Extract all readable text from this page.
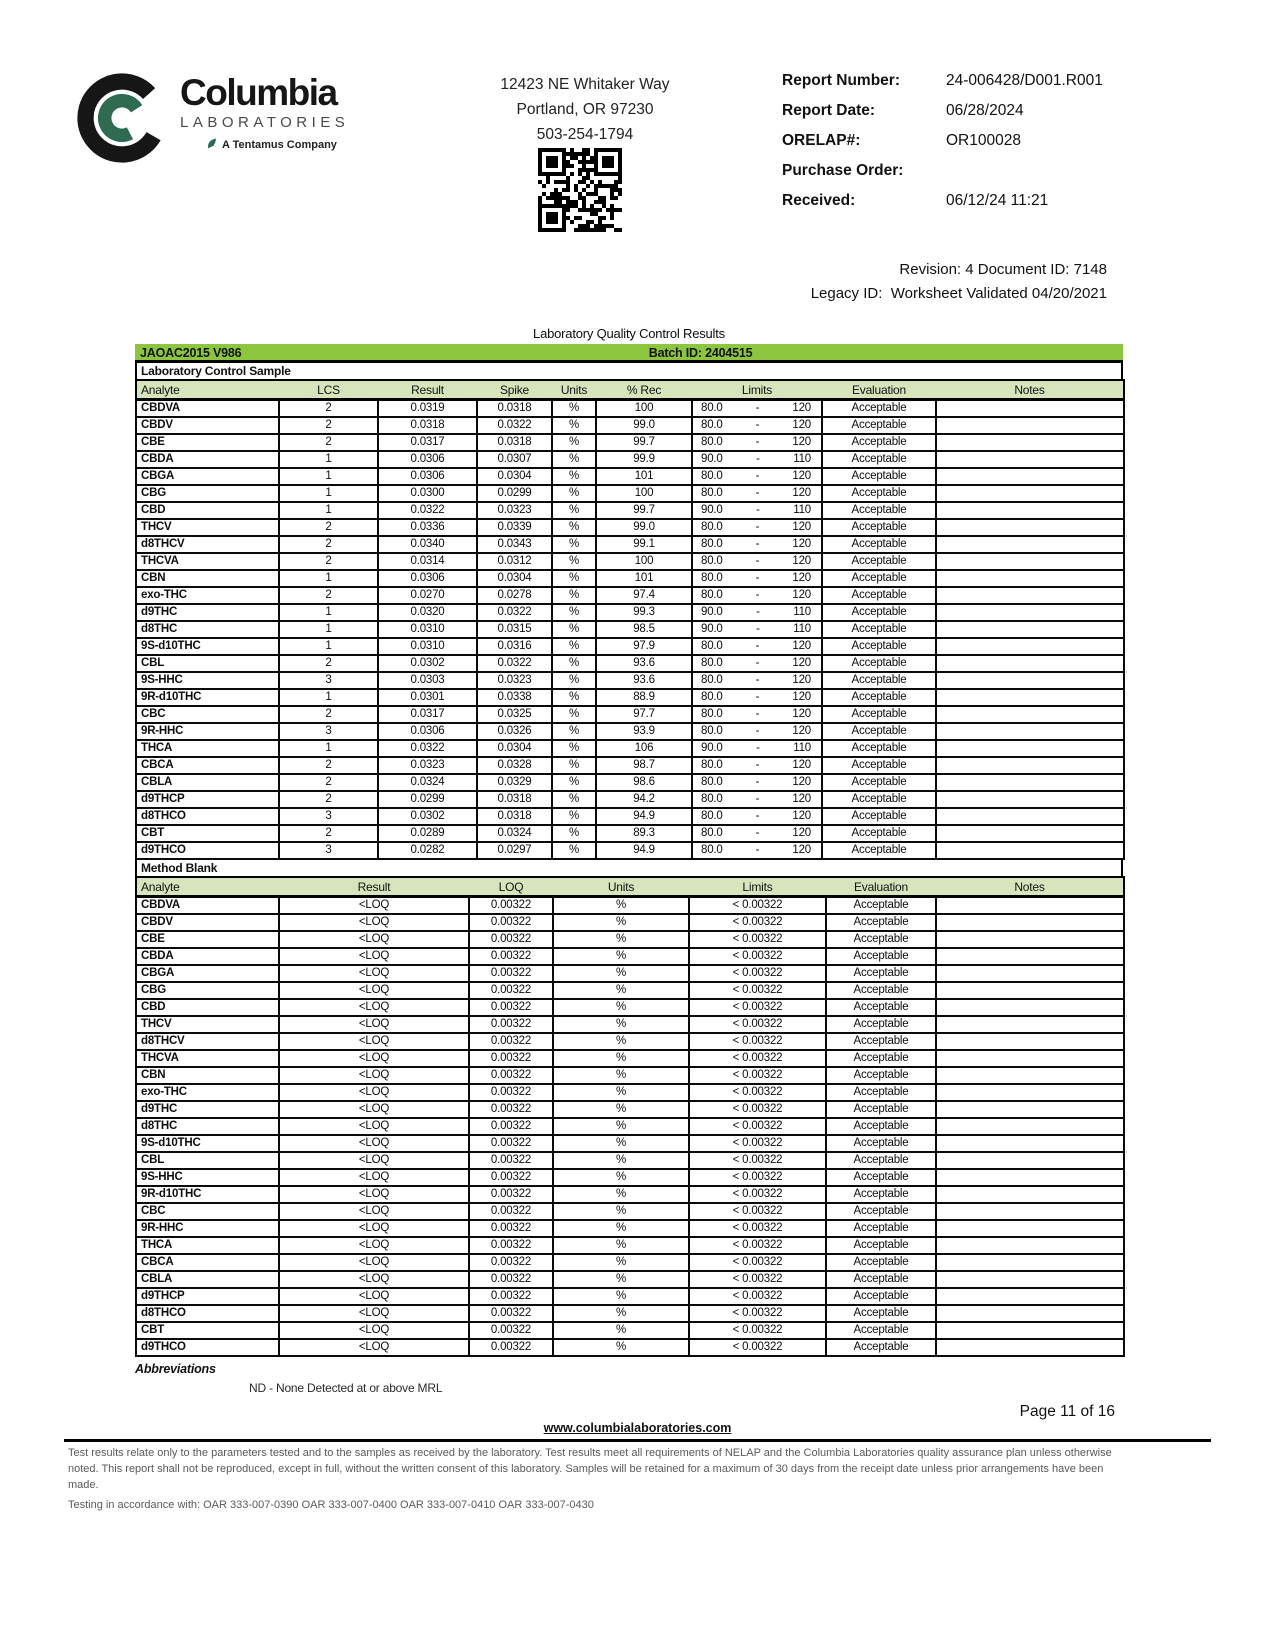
Columbia
LABORATORIES
A Tentamus Company
12423 NE Whitaker Way
Portland, OR 97230
503-254-1794
Report Number:	24-006428/D001.R001
Report Date:	06/28/2024
ORELAP#:	OR100028
Purchase Order:
Received:	06/12/24 11:21
Revision: 4 Document ID: 7148
Legacy ID:  Worksheet Validated 04/20/2021
Laboratory Quality Control Results
JAOAC2015 V986	Batch ID: 2404515
Laboratory Control Sample
Analyte	LCS	Result	Spike	Units	% Rec	Limits	Evaluation	Notes
CBDVA	2	0.0319	0.0318	%	100	80.0 - 120	Acceptable	
CBDV	2	0.0318	0.0322	%	99.0	80.0 - 120	Acceptable	
CBE	2	0.0317	0.0318	%	99.7	80.0 - 120	Acceptable	
CBDA	1	0.0306	0.0307	%	99.9	90.0 - 110	Acceptable	
CBGA	1	0.0306	0.0304	%	101	80.0 - 120	Acceptable	
CBG	1	0.0300	0.0299	%	100	80.0 - 120	Acceptable	
CBD	1	0.0322	0.0323	%	99.7	90.0 - 110	Acceptable	
THCV	2	0.0336	0.0339	%	99.0	80.0 - 120	Acceptable	
d8THCV	2	0.0340	0.0343	%	99.1	80.0 - 120	Acceptable	
THCVA	2	0.0314	0.0312	%	100	80.0 - 120	Acceptable	
CBN	1	0.0306	0.0304	%	101	80.0 - 120	Acceptable	
exo-THC	2	0.0270	0.0278	%	97.4	80.0 - 120	Acceptable	
d9THC	1	0.0320	0.0322	%	99.3	90.0 - 110	Acceptable	
d8THC	1	0.0310	0.0315	%	98.5	90.0 - 110	Acceptable	
9S-d10THC	1	0.0310	0.0316	%	97.9	80.0 - 120	Acceptable	
CBL	2	0.0302	0.0322	%	93.6	80.0 - 120	Acceptable	
9S-HHC	3	0.0303	0.0323	%	93.6	80.0 - 120	Acceptable	
9R-d10THC	1	0.0301	0.0338	%	88.9	80.0 - 120	Acceptable	
CBC	2	0.0317	0.0325	%	97.7	80.0 - 120	Acceptable	
9R-HHC	3	0.0306	0.0326	%	93.9	80.0 - 120	Acceptable	
THCA	1	0.0322	0.0304	%	106	90.0 - 110	Acceptable	
CBCA	2	0.0323	0.0328	%	98.7	80.0 - 120	Acceptable	
CBLA	2	0.0324	0.0329	%	98.6	80.0 - 120	Acceptable	
d9THCP	2	0.0299	0.0318	%	94.2	80.0 - 120	Acceptable	
d8THCO	3	0.0302	0.0318	%	94.9	80.0 - 120	Acceptable	
CBT	2	0.0289	0.0324	%	89.3	80.0 - 120	Acceptable	
d9THCO	3	0.0282	0.0297	%	94.9	80.0 - 120	Acceptable	
Method Blank
Analyte	Result	LOQ	Units	Limits	Evaluation	Notes
CBDVA	<LOQ	0.00322	%	< 0.00322	Acceptable	
CBDV	<LOQ	0.00322	%	< 0.00322	Acceptable	
CBE	<LOQ	0.00322	%	< 0.00322	Acceptable	
CBDA	<LOQ	0.00322	%	< 0.00322	Acceptable	
CBGA	<LOQ	0.00322	%	< 0.00322	Acceptable	
CBG	<LOQ	0.00322	%	< 0.00322	Acceptable	
CBD	<LOQ	0.00322	%	< 0.00322	Acceptable	
THCV	<LOQ	0.00322	%	< 0.00322	Acceptable	
d8THCV	<LOQ	0.00322	%	< 0.00322	Acceptable	
THCVA	<LOQ	0.00322	%	< 0.00322	Acceptable	
CBN	<LOQ	0.00322	%	< 0.00322	Acceptable	
exo-THC	<LOQ	0.00322	%	< 0.00322	Acceptable	
d9THC	<LOQ	0.00322	%	< 0.00322	Acceptable	
d8THC	<LOQ	0.00322	%	< 0.00322	Acceptable	
9S-d10THC	<LOQ	0.00322	%	< 0.00322	Acceptable	
CBL	<LOQ	0.00322	%	< 0.00322	Acceptable	
9S-HHC	<LOQ	0.00322	%	< 0.00322	Acceptable	
9R-d10THC	<LOQ	0.00322	%	< 0.00322	Acceptable	
CBC	<LOQ	0.00322	%	< 0.00322	Acceptable	
9R-HHC	<LOQ	0.00322	%	< 0.00322	Acceptable	
THCA	<LOQ	0.00322	%	< 0.00322	Acceptable	
CBCA	<LOQ	0.00322	%	< 0.00322	Acceptable	
CBLA	<LOQ	0.00322	%	< 0.00322	Acceptable	
d9THCP	<LOQ	0.00322	%	< 0.00322	Acceptable	
d8THCO	<LOQ	0.00322	%	< 0.00322	Acceptable	
CBT	<LOQ	0.00322	%	< 0.00322	Acceptable	
d9THCO	<LOQ	0.00322	%	< 0.00322	Acceptable	
Abbreviations
ND - None Detected at or above MRL
Page 11 of 16
www.columbialaboratories.com
Test results relate only to the parameters tested and to the samples as received by the laboratory. Test results meet all requirements of NELAP and the Columbia Laboratories quality assurance plan unless otherwise noted. This report shall not be reproduced, except in full, without the written consent of this laboratory. Samples will be retained for a maximum of 30 days from the receipt date unless prior arrangements have been made.
Testing in accordance with: OAR 333-007-0390 OAR 333-007-0400 OAR 333-007-0410 OAR 333-007-0430
